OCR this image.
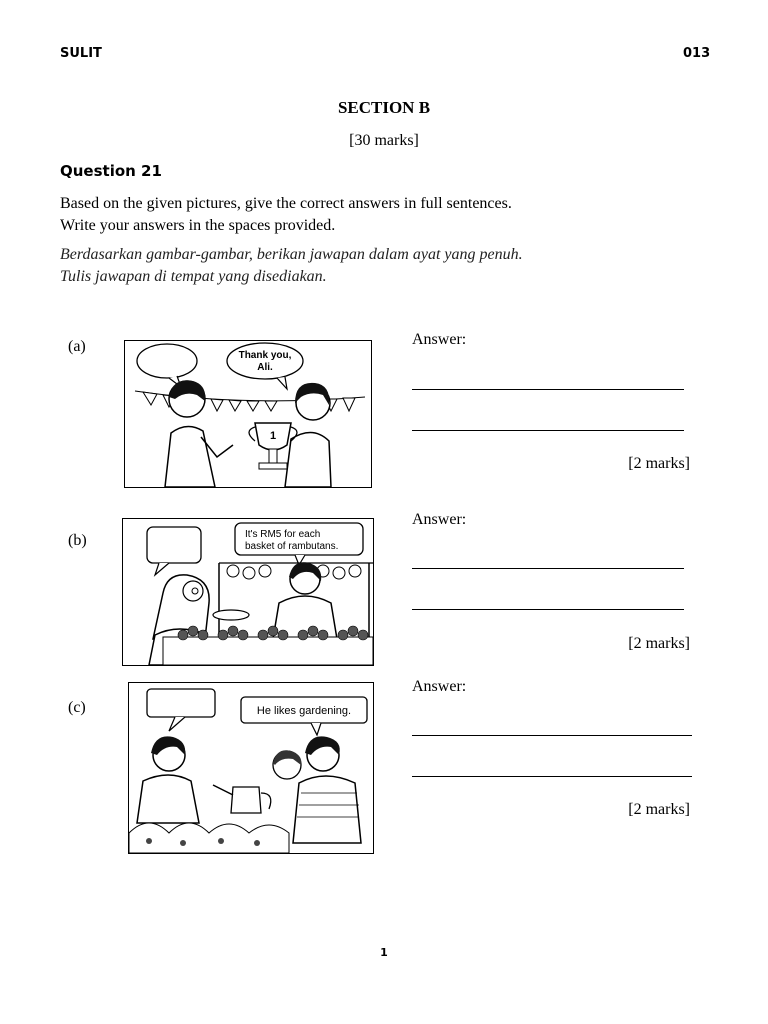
SULIT	013
SECTION B
[30 marks]
Question 21
Based on the given pictures, give the correct answers in full sentences.
Write your answers in the spaces provided.
Berdasarkan gambar-gambar, berikan jawapan dalam ayat yang penuh.
Tulis jawapan di tempat yang disediakan.
(a)
Thank you,
Ali.
1
Answer:
[2 marks]
(b)	It's RM5 for each
basket of rambutans.
Answer:
[2 marks]
(c)	He likes gardening.
Answer:
[2 marks]
1
